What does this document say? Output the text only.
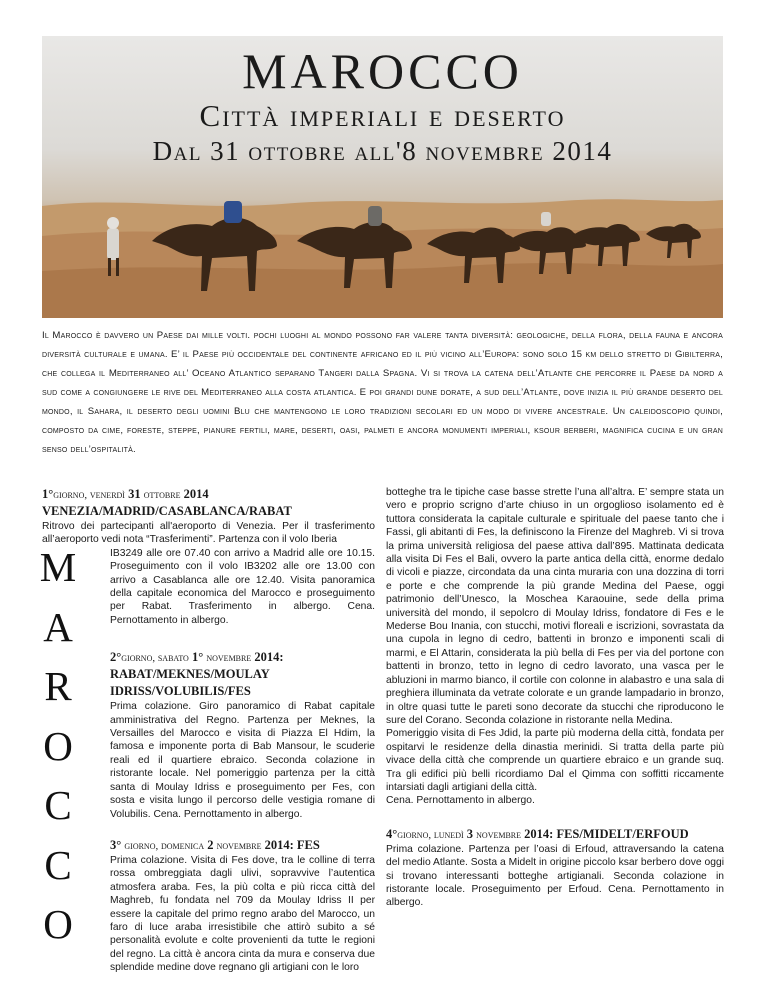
MAROCCO
Città imperiali e deserto
Dal 31 ottobre all'8 novembre 2014
Il Marocco è davvero un Paese dai mille volti. pochi luoghi al mondo possono far valere tanta diversità: geologiche, della flora, della fauna e ancora diversità culturale e umana. E’ il Paese più occidentale del continente africano ed il più vicino all’Europa: sono solo 15 km dello stretto di Gibilterra, che collega il Mediterraneo all’ Oceano Atlantico separano Tangeri dalla Spagna. Vi si trova la catena dell’Atlante che percorre il Paese da nord a sud come a congiungere le rive del Mediterraneo alla costa atlantica. E poi grandi dune dorate, a sud dell’Atlante, dove inizia il più grande deserto del mondo, il Sahara, il deserto degli uomini Blu che mantengono le loro tradizioni secolari ed un modo di vivere ancestrale. Un caleidoscopio quindi, composto da cime, foreste, steppe, pianure fertili, mare, deserti, oasi, palmeti e ancora monumenti imperiali, ksour berberi, magnifica cucina e un gran senso dell’ospitalità.
M
A
R
O
C
C
O

1°giorno, venerdì 31 ottobre 2014

VENEZIA/MADRID/CASABLANCA/RABAT

Ritrovo dei partecipanti all'aeroporto di Venezia. Per il trasferimento all’aeroporto vedi nota “Trasferimenti”. Partenza con il volo Iberia

IB3249 alle ore 07.40 con arrivo a Madrid alle ore 10.15. Proseguimento con il volo IB3202 alle ore 13.00 con arrivo a Casablanca alle ore 12.40. Visita panoramica della capitale economica del Marocco e proseguimento per Rabat. Trasferimento in albergo. Cena. Pernottamento in albergo.

2°giorno, sabato 1° novembre 2014:

RABAT/MEKNES/MOULAY IDRISS/VOLUBILIS/FES

Prima colazione. Giro panoramico di Rabat capitale amministrativa del Regno. Partenza per Meknes, la Versailles del Marocco e visita di Piazza El Hdim, la famosa e imponente porta di Bab Mansour, le scuderie reali ed il quartiere ebraico. Seconda colazione in ristorante locale. Nel pomeriggio partenza per la città santa di Moulay Idriss e proseguimento per Fes, con sosta e visita lungo il percorso delle vestigia romane di Volubilis. Cena. Pernottamento in albergo.

3° giorno, domenica 2 novembre 2014: FES

Prima colazione. Visita di Fes dove, tra le colline di terra rossa ombreggiata dagli ulivi, sopravvive l’autentica atmosfera araba. Fes, la più colta e più ricca città del Maghreb, fu fondata nel 709 da Moulay Idriss II per essere la capitale del primo regno arabo del Marocco, un faro di luce araba irresistibile che attirò subito a sé personalità evolute e colte provenienti da tutte le regioni del regno. La città è ancora cinta da mura e conserva due splendide medine dove regnano gli artigiani con le loro

botteghe tra le tipiche case basse strette l’una all’altra. E’ sempre stata un vero e proprio scrigno d’arte chiuso in un orgoglioso isolamento ed è tuttora considerata la capitale culturale e spirituale del paese tanto che i Fassi, gli abitanti di Fes, la definiscono la Firenze del Maghreb. Vi si trova la prima università religiosa del paese attiva dall’895. Mattinata dedicata alla visita Di Fes el Bali, ovvero la parte antica della città, enorme dedalo di vicoli e piazze, circondata da una cinta muraria con una dozzina di torri e porte e che comprende la più grande Medina del Paese, oggi patrimonio dell’Unesco, la Moschea Karaouine, sede della prima università del mondo, il sepolcro di Moulay Idriss, fondatore di Fes e le Mederse Bou Inania, con stucchi, motivi floreali e iscrizioni, sovrastata da una cupola in legno di cedro, battenti in bronzo e imponenti scali di marmi, e El Attarin, considerata la più bella di Fes per via del portone con battenti in bronzo, tetto in legno di cedro lavorato, una vasca per le abluzioni in marmo bianco, il cortile con colonne in alabastro e una sala di preghiera illuminata da vetrate colorate e un grande lampadario in bronzo, in oltre quasi tutte le pareti sono decorate da stucchi che riproducono le sure del Corano. Seconda colazione in ristorante nella Medina.

Pomeriggio visita di Fes Jdid, la parte più moderna della città, fondata per ospitarvi le residenze della dinastia merinidi. Si tratta della parte più vivace della città che comprende un quartiere ebraico e un grande suq. Tra gli edifici più belli ricordiamo Dal el Qimma con soffitti riccamente intarsiati dagli artigiani della città.

Cena. Pernottamento in albergo.

4°giorno, lunedì 3 novembre 2014: FES/MIDELT/ERFOUD

Prima colazione. Partenza per l’oasi di Erfoud, attraversando la catena del medio Atlante. Sosta a Midelt in origine piccolo ksar berbero dove oggi si trovano interessanti botteghe artigianali. Seconda colazione in ristorante locale. Proseguimento per Erfoud. Cena. Pernottamento in albergo.
